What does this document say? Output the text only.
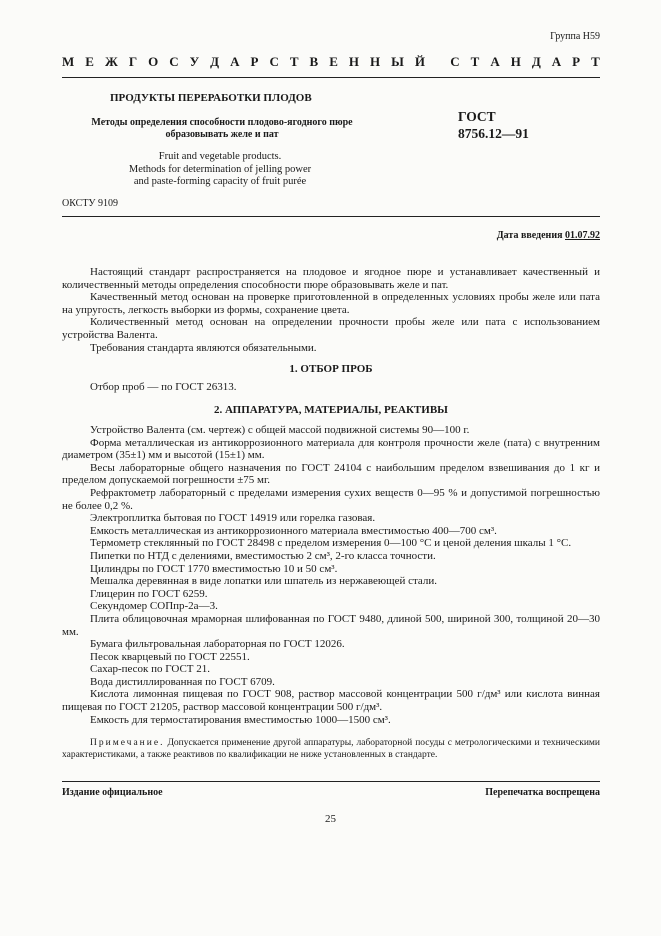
Группа Н59
М Е Ж Г О С У Д А Р С Т В Е Н Н Ы Й
С Т А Н Д А Р Т
ПРОДУКТЫ ПЕРЕРАБОТКИ ПЛОДОВ
Методы определения способности плодово-ягодного пюре образовывать желе и пат
ГОСТ
8756.12—91
Fruit and vegetable products.
Methods for determination of jelling power
and paste-forming capacity of fruit purée
ОКСТУ 9109
Дата введения 01.07.92

Настоящий стандарт распространяется на плодовое и ягодное пюре и устанавливает качественный и количественный методы определения способности пюре образовывать желе и пат.

Качественный метод основан на проверке приготовленной в определенных условиях пробы желе или пата на упругость, легкость выборки из формы, сохранение цвета.

Количественный метод основан на определении прочности пробы желе или пата с использованием устройства Валента.

Требования стандарта являются обязательными.

1. ОТБОР ПРОБ

Отбор проб — по ГОСТ 26313.

2. АППАРАТУРА, МАТЕРИАЛЫ, РЕАКТИВЫ

Устройство Валента (см. чертеж) с общей массой подвижной системы 90—100 г.

Форма металлическая из антикоррозионного материала для контроля прочности желе (пата) с внутренним диаметром (35±1) мм и высотой (15±1) мм.

Весы лабораторные общего назначения по ГОСТ 24104 с наибольшим пределом взвешивания до 1 кг и пределом допускаемой погрешности ±75 мг.

Рефрактометр лабораторный с пределами измерения сухих веществ 0—95 % и допустимой погрешностью не более 0,2 %.

Электроплитка бытовая по ГОСТ 14919 или горелка газовая.

Емкость металлическая из антикоррозионного материала вместимостью 400—700 см³.

Термометр стеклянный по ГОСТ 28498 с пределом измерения 0—100 °С и ценой деления шкалы 1 °С.

Пипетки по НТД с делениями, вместимостью 2 см³, 2-го класса точности.

Цилиндры по ГОСТ 1770 вместимостью 10 и 50 см³.

Мешалка деревянная в виде лопатки или шпатель из нержавеющей стали.

Глицерин по ГОСТ 6259.

Секундомер СОПпр-2а—3.

Плита облицовочная мраморная шлифованная по ГОСТ 9480, длиной 500, шириной 300, толщиной 20—30 мм.

Бумага фильтровальная лабораторная по ГОСТ 12026.

Песок кварцевый по ГОСТ 22551.

Сахар-песок по ГОСТ 21.

Вода дистиллированная по ГОСТ 6709.

Кислота лимонная пищевая по ГОСТ 908, раствор массовой концентрации 500 г/дм³ или кислота винная пищевая по ГОСТ 21205, раствор массовой концентрации 500 г/дм³.

Емкость для термостатирования вместимостью 1000—1500 см³.

Примечание. Допускается применение другой аппаратуры, лабораторной посуды с метрологическими и техническими характеристиками, а также реактивов по квалификации не ниже установленных в стандарте.

Издание официальное	Перепечатка воспрещена
25
